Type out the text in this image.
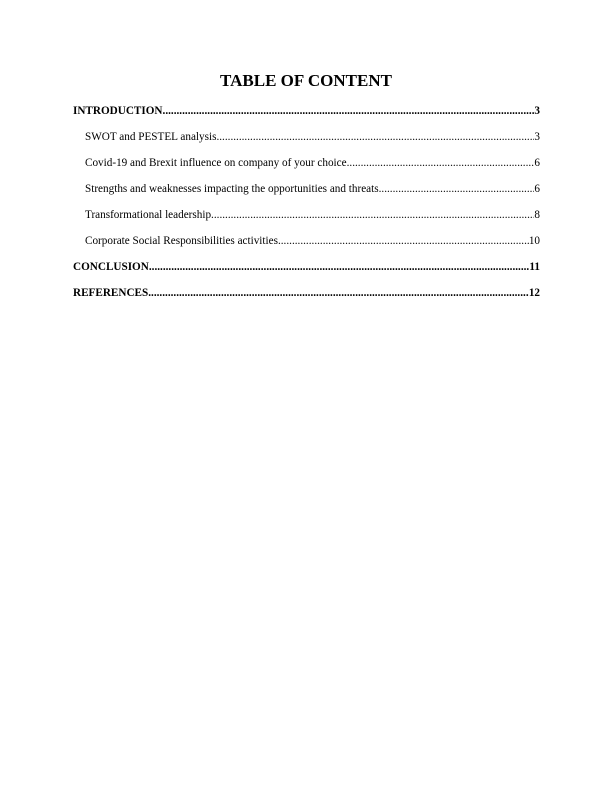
TABLE OF CONTENT
INTRODUCTION .....	3
SWOT and PESTEL analysis .....	3
Covid-19 and Brexit influence on company of your choice .....	6
Strengths and weaknesses impacting the opportunities and threats .....	6
Transformational leadership .....	8
Corporate Social Responsibilities activities .....	10
CONCLUSION .....	11
REFERENCES .....	12
